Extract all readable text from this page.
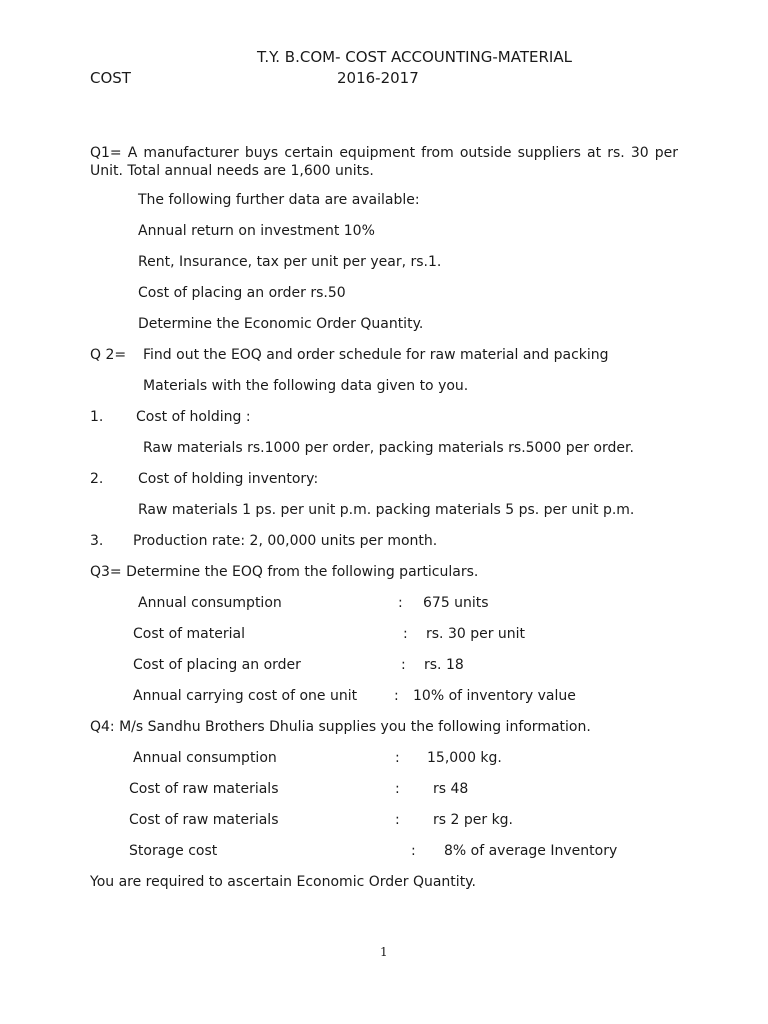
T.Y. B.COM- COST ACCOUNTING-MATERIAL
COST	2016-2017
Q1= A manufacturer buys certain equipment from outside suppliers at rs. 30 per Unit. Total annual needs are 1,600 units.
The following further data are available:
Annual return on investment 10%
Rent, Insurance, tax per unit per year, rs.1.
Cost of placing an order rs.50
Determine the Economic Order Quantity.
Q 2= Find out the EOQ and order schedule for raw material and packing
Materials with the following data given to you.
1. Cost of holding :
Raw materials rs.1000 per order, packing materials rs.5000 per order.
2. Cost of holding inventory:
Raw materials 1 ps. per unit p.m. packing materials 5 ps. per unit p.m.
3. Production rate: 2, 00,000 units per month.
Q3= Determine the EOQ from the following particulars.
Annual consumption	: 675 units
Cost of material	: rs. 30 per unit
Cost of placing an order	: rs. 18
Annual carrying cost of one unit	: 10% of inventory value
Q4: M/s Sandhu Brothers Dhulia supplies you the following information.
Annual consumption	: 15,000 kg.
Cost of raw materials	: rs 48
Cost of raw materials	: rs 2 per kg.
Storage cost	: 8% of average Inventory
You are required to ascertain Economic Order Quantity.
1
